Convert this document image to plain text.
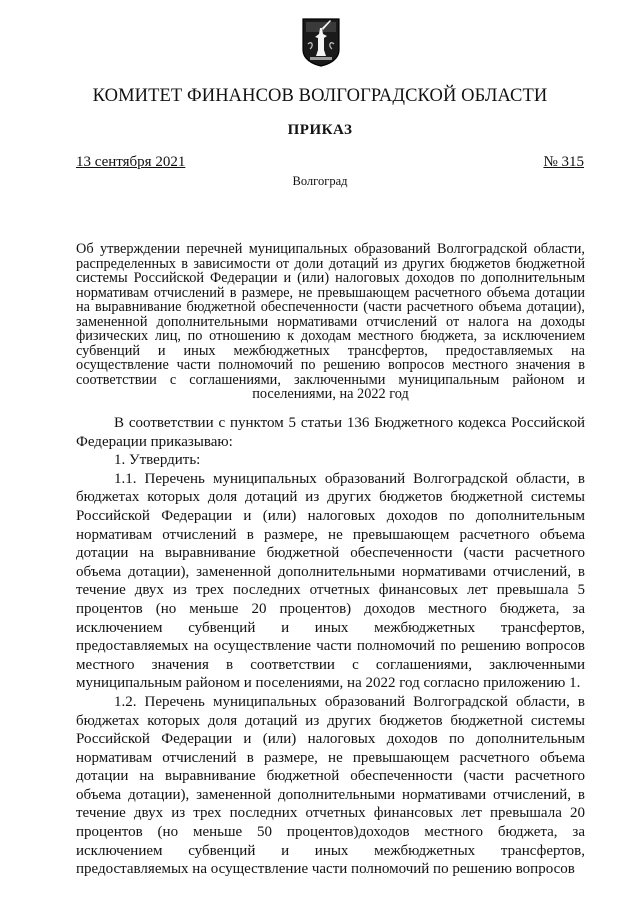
КОМИТЕТ ФИНАНСОВ ВОЛГОГРАДСКОЙ ОБЛАСТИ
ПРИКАЗ
13 сентября 2021	№ 315
Волгоград
Об утверждении перечней муниципальных образований Волгоградской области, распределенных в зависимости от доли дотаций из других бюджетов бюджетной системы Российской Федерации и (или) налоговых доходов по дополнительным нормативам отчислений в размере, не превышающем расчетного объема дотации на выравнивание бюджетной обеспеченности (части расчетного объема дотации), замененной дополнительными нормативами отчислений от налога на доходы физических лиц, по отношению к доходам местного бюджета, за исключением субвенций и иных межбюджетных трансфертов, предоставляемых на осуществление части полномочий по решению вопросов местного значения в соответствии с соглашениями, заключенными муниципальным районом и поселениями, на 2022 год

В соответствии с пунктом 5 статьи 136 Бюджетного кодекса Российской Федерации приказываю:

1. Утвердить:

1.1. Перечень муниципальных образований Волгоградской области, в бюджетах которых доля дотаций из других бюджетов бюджетной системы Российской Федерации и (или) налоговых доходов по дополнительным нормативам отчислений в размере, не превышающем расчетного объема дотации на выравнивание бюджетной обеспеченности (части расчетного объема дотации), замененной дополнительными нормативами отчислений, в течение двух из трех последних отчетных финансовых лет превышала 5 процентов (но меньше 20 процентов) доходов местного бюджета, за исключением субвенций и иных межбюджетных трансфертов, предоставляемых на осуществление части полномочий по решению вопросов местного значения в соответствии с соглашениями, заключенными муниципальным районом и поселениями, на 2022 год согласно приложению 1.

1.2. Перечень муниципальных образований Волгоградской области, в бюджетах которых доля дотаций из других бюджетов бюджетной системы Российской Федерации и (или) налоговых доходов по дополнительным нормативам отчислений в размере, не превышающем расчетного объема дотации на выравнивание бюджетной обеспеченности (части расчетного объема дотации), замененной дополнительными нормативами отчислений, в течение двух из трех последних отчетных финансовых лет превышала 20 процентов (но меньше 50 процентов)доходов местного бюджета, за исключением субвенций и иных межбюджетных трансфертов, предоставляемых на осуществление части полномочий по решению вопросов
